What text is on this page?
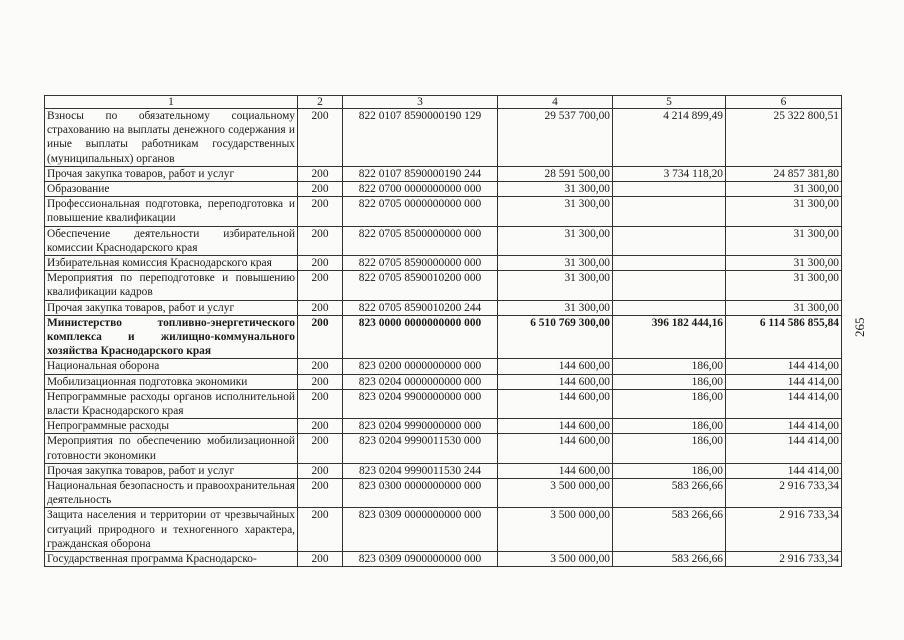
1	2	3	4	5	6
Взносы по обязательному социальному страхованию на выплаты денежного содержания и иные выплаты работникам государственных (муниципальных) органов	200	822 0107 8590000190 129	29 537 700,00	4 214 899,49	25 322 800,51
Прочая закупка товаров, работ и услуг	200	822 0107 8590000190 244	28 591 500,00	3 734 118,20	24 857 381,80
Образование	200	822 0700 0000000000 000	31 300,00		31 300,00
Профессиональная подготовка, переподготовка и повышение квалификации	200	822 0705 0000000000 000	31 300,00		31 300,00
Обеспечение деятельности избирательной комиссии Краснодарского края	200	822 0705 8500000000 000	31 300,00		31 300,00
Избирательная комиссия Краснодарского края	200	822 0705 8590000000 000	31 300,00		31 300,00
Мероприятия по переподготовке и повышению квалификации кадров	200	822 0705 8590010200 000	31 300,00		31 300,00
Прочая закупка товаров, работ и услуг	200	822 0705 8590010200 244	31 300,00		31 300,00
Министерство топливно-энергетического комплекса и жилищно-коммунального хозяйства Краснодарского края	200	823 0000 0000000000 000	6 510 769 300,00	396 182 444,16	6 114 586 855,84
Национальная оборона	200	823 0200 0000000000 000	144 600,00	186,00	144 414,00
Мобилизационная подготовка экономики	200	823 0204 0000000000 000	144 600,00	186,00	144 414,00
Непрограммные расходы органов исполнительной власти Краснодарского края	200	823 0204 9900000000 000	144 600,00	186,00	144 414,00
Непрограммные расходы	200	823 0204 9990000000 000	144 600,00	186,00	144 414,00
Мероприятия по обеспечению мобилизационной готовности экономики	200	823 0204 9990011530 000	144 600,00	186,00	144 414,00
Прочая закупка товаров, работ и услуг	200	823 0204 9990011530 244	144 600,00	186,00	144 414,00
Национальная безопасность и правоохранительная деятельность	200	823 0300 0000000000 000	3 500 000,00	583 266,66	2 916 733,34
Защита населения и территории от чрезвычайных ситуаций природного и техногенного характера, гражданская оборона	200	823 0309 0000000000 000	3 500 000,00	583 266,66	2 916 733,34
Государственная программа Краснодарско-	200	823 0309 0900000000 000	3 500 000,00	583 266,66	2 916 733,34
265
